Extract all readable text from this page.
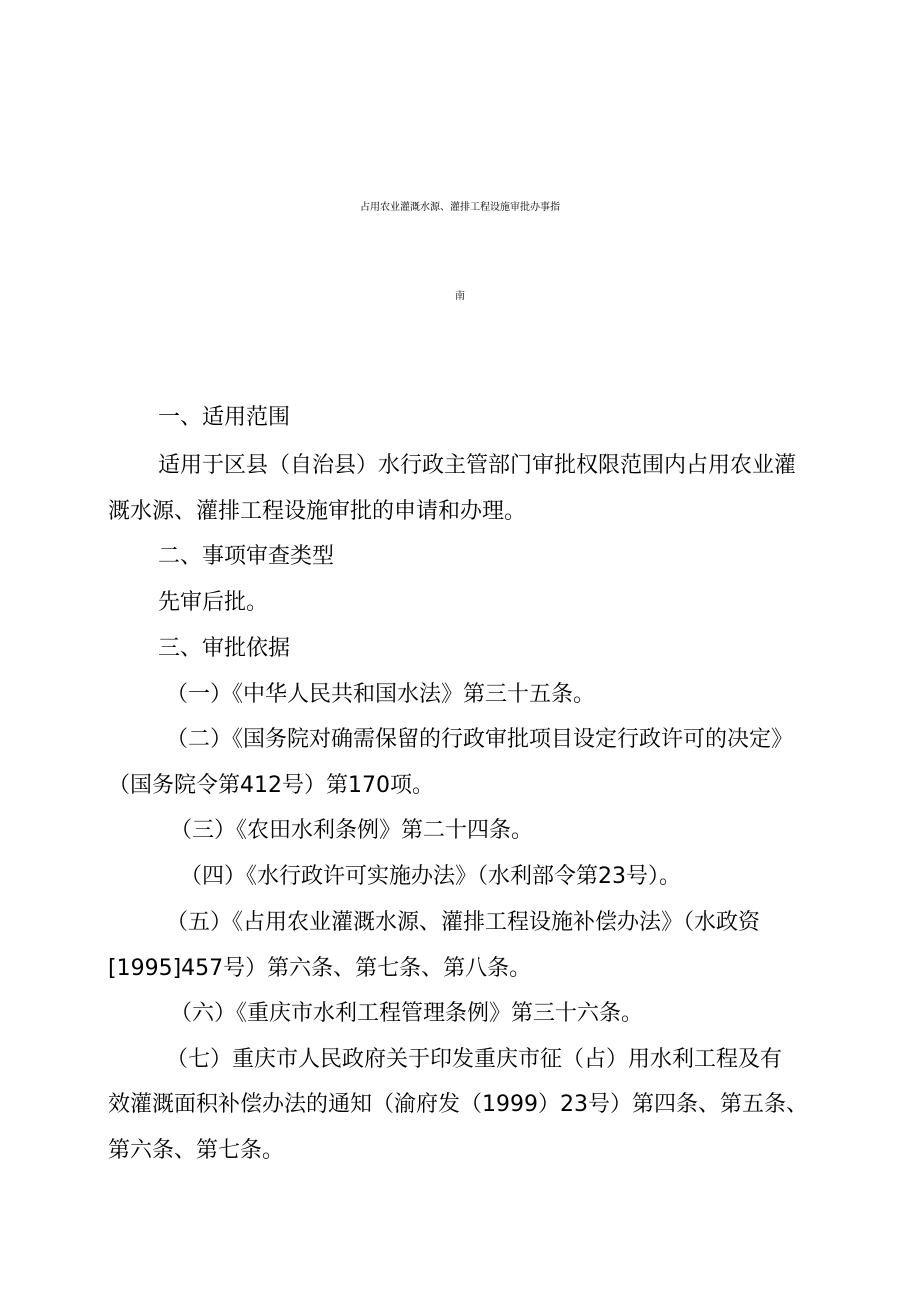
占用农业灌溉水源、灌排工程设施审批办事指
南
一、适用范围
适用于区县（自治县）水行政主管部门审批权限范围内占用农业灌
溉水源、灌排工程设施审批的申请和办理。
二、事项审查类型
先审后批。
三、审批依据
（一）《中华人民共和国水法》第三十五条。
（二）《国务院对确需保留的行政审批项目设定行政许可的决定》
（国务院令第412号）第170项。
（三）《农田水利条例》第二十四条。
（四）《水行政许可实施办法》（水利部令第23号）。
（五）《占用农业灌溉水源、灌排工程设施补偿办法》（水政资
[1995]457号）第六条、第七条、第八条。
（六）《重庆市水利工程管理条例》第三十六条。
（七）重庆市人民政府关于印发重庆市征（占）用水利工程及有
效灌溉面积补偿办法的通知（渝府发（1999）23号）第四条、第五条、
第六条、第七条。
